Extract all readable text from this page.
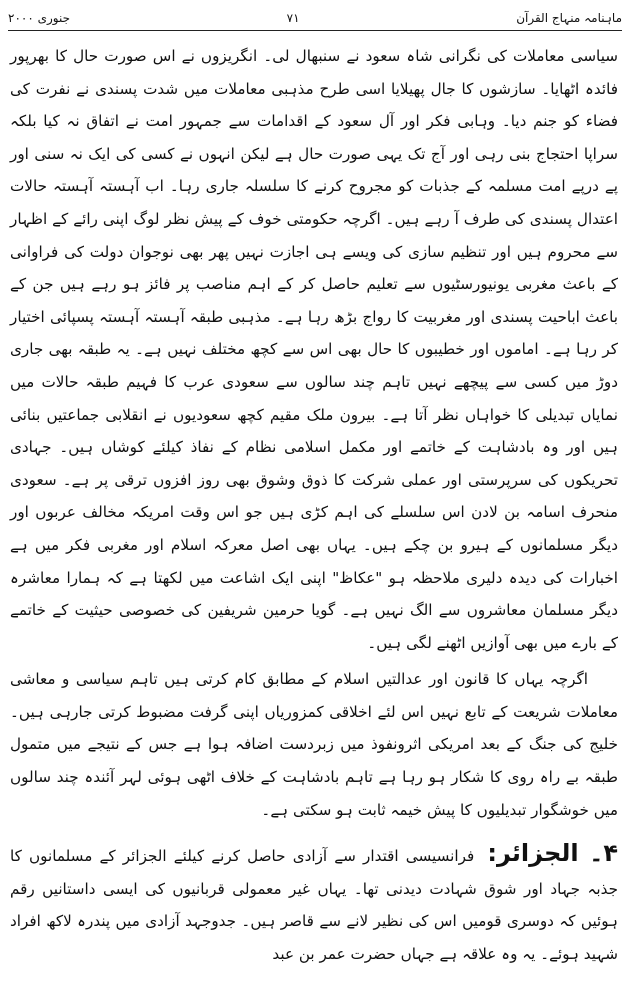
ماہنامہ منہاج القرآن
۷۱
جنوری ۲۰۰۰

سیاسی معاملات کی نگرانی شاہ سعود نے سنبھال لی۔ انگریزوں نے اس صورت حال کا بھرپور فائدہ اٹھایا۔ سازشوں کا جال پھیلایا اسی طرح مذہبی معاملات میں شدت پسندی نے نفرت کی فضاء کو جنم دیا۔ وہابی فکر اور آل سعود کے اقدامات سے جمہور امت نے اتفاق نہ کیا بلکہ سراپا احتجاج بنی رہی اور آج تک یہی صورت حال ہے لیکن انہوں نے کسی کی ایک نہ سنی اور پے درپے امت مسلمہ کے جذبات کو مجروح کرنے کا سلسلہ جاری رہا۔ اب آہستہ آہستہ حالات اعتدال پسندی کی طرف آ رہے ہیں۔ اگرچہ حکومتی خوف کے پیش نظر لوگ اپنی رائے کے اظہار سے محروم ہیں اور تنظیم سازی کی ویسے ہی اجازت نہیں پھر بھی نوجوان دولت کی فراوانی کے باعث مغربی یونیورسٹیوں سے تعلیم حاصل کر کے اہم مناصب پر فائز ہو رہے ہیں جن کے باعث اباحیت پسندی اور مغربیت کا رواج بڑھ رہا ہے۔ مذہبی طبقہ آہستہ آہستہ پسپائی اختیار کر رہا ہے۔ اماموں اور خطیبوں کا حال بھی اس سے کچھ مختلف نہیں ہے۔ یہ طبقہ بھی جاری دوڑ میں کسی سے پیچھے نہیں تاہم چند سالوں سے سعودی عرب کا فہیم طبقہ حالات میں نمایاں تبدیلی کا خواہاں نظر آتا ہے۔ بیرون ملک مقیم کچھ سعودیوں نے انقلابی جماعتیں بنائی ہیں اور وہ بادشاہت کے خاتمے اور مکمل اسلامی نظام کے نفاذ کیلئے کوشاں ہیں۔ جہادی تحریکوں کی سرپرستی اور عملی شرکت کا ذوق وشوق بھی روز افزوں ترقی پر ہے۔ سعودی منحرف اسامہ بن لادن اس سلسلے کی اہم کڑی ہیں جو اس وقت امریکہ مخالف عربوں اور دیگر مسلمانوں کے ہیرو بن چکے ہیں۔ یہاں بھی اصل معرکہ اسلام اور مغربی فکر میں ہے اخبارات کی دیدہ دلیری ملاحظہ ہو "عکاظ" اپنی ایک اشاعت میں لکھتا ہے کہ ہمارا معاشرہ دیگر مسلمان معاشروں سے الگ نہیں ہے۔ گویا حرمین شریفین کی خصوصی حیثیت کے خاتمے کے بارے میں بھی آوازیں اٹھنے لگی ہیں۔

اگرچہ یہاں کا قانون اور عدالتیں اسلام کے مطابق کام کرتی ہیں تاہم سیاسی و معاشی معاملات شریعت کے تابع نہیں اس لئے اخلاقی کمزوریاں اپنی گرفت مضبوط کرتی جارہی ہیں۔ خلیج کی جنگ کے بعد امریکی اثرونفوذ میں زبردست اضافہ ہوا ہے جس کے نتیجے میں متمول طبقہ بے راہ روی کا شکار ہو رہا ہے تاہم بادشاہت کے خلاف اٹھی ہوئی لہر آئندہ چند سالوں میں خوشگوار تبدیلیوں کا پیش خیمہ ثابت ہو سکتی ہے۔

۴۔ الجزائر: فرانسیسی اقتدار سے آزادی حاصل کرنے کیلئے الجزائر کے مسلمانوں کا جذبہ جہاد اور شوق شہادت دیدنی تھا۔ یہاں غیر معمولی قربانیوں کی ایسی داستانیں رقم ہوئیں کہ دوسری قومیں اس کی نظیر لانے سے قاصر ہیں۔ جدوجہد آزادی میں پندرہ لاکھ افراد شہید ہوئے۔ یہ وہ علاقہ ہے جہاں حضرت عمر بن عبد
